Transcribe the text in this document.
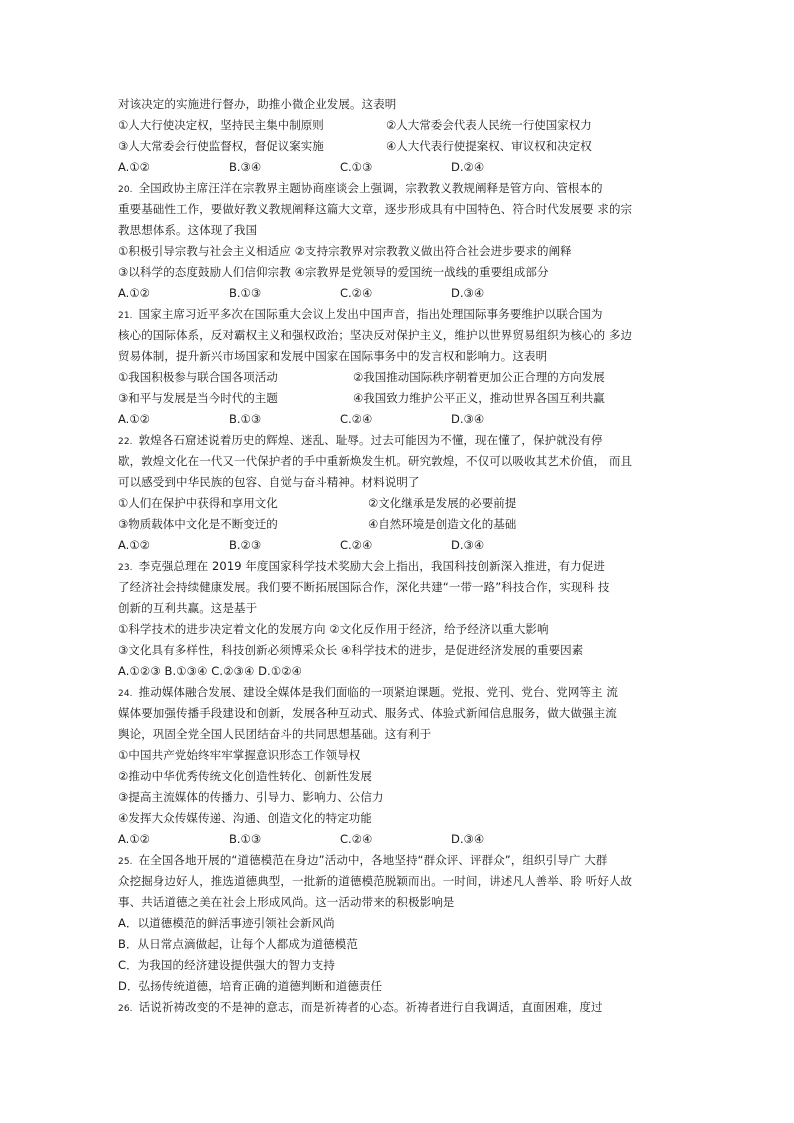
对该决定的实施进行督办，助推小微企业发展。这表明
①人大行使决定权，坚持民主集中制原则	②人大常委会代表人民统一行使国家权力
③人大常委会行使监督权，督促议案实施	④人大代表行使提案权、审议权和决定权
A.①②	B.③④	C.①③	D.②④
20. 全国政协主席汪洋在宗教界主题协商座谈会上强调，宗教教义教规阐释是管方向、管根本的
重要基础性工作，要做好教义教规阐释这篇大文章，逐步形成具有中国特色、符合时代发展要 求的宗
教思想体系。这体现了我国
①积极引导宗教与社会主义相适应 ②支持宗教界对宗教教义做出符合社会进步要求的阐释
③以科学的态度鼓励人们信仰宗教 ④宗教界是党领导的爱国统一战线的重要组成部分
A.①②	B.①③	C.②④	D.③④
21. 国家主席习近平多次在国际重大会议上发出中国声音，指出处理国际事务要维护以联合国为
核心的国际体系，反对霸权主义和强权政治；坚决反对保护主义，维护以世界贸易组织为核心的 多边
贸易体制，提升新兴市场国家和发展中国家在国际事务中的发言权和影响力。这表明
①我国积极参与联合国各项活动	②我国推动国际秩序朝着更加公正合理的方向发展
③和平与发展是当今时代的主题	④我国致力维护公平正义，推动世界各国互利共赢
A.①②	B.①③	C.②④	D.③④
22. 敦煌各石窟述说着历史的辉煌、迷乱、耻辱。过去可能因为不懂，现在懂了，保护就没有停
歇，敦煌文化在一代又一代保护者的手中重新焕发生机。研究敦煌，不仅可以吸收其艺术价值， 而且
可以感受到中华民族的包容、自觉与奋斗精神。材料说明了
①人们在保护中获得和享用文化	②文化继承是发展的必要前提
③物质载体中文化是不断变迁的	④自然环境是创造文化的基础
A.①②	B.②③	C.②④	D.③④
23. 李克强总理在 2019 年度国家科学技术奖励大会上指出，我国科技创新深入推进，有力促进
了经济社会持续健康发展。我们要不断拓展国际合作，深化共建“一带一路”科技合作，实现科 技
创新的互利共赢。这是基于
①科学技术的进步决定着文化的发展方向 ②文化反作用于经济，给予经济以重大影响
③文化具有多样性，科技创新必须博采众长 ④科学技术的进步，是促进经济发展的重要因素
A.①②③ B.①③④ C.②③④ D.①②④
24. 推动媒体融合发展、建设全媒体是我们面临的一项紧迫课题。党报、党刊、党台、党网等主 流
媒体要加强传播手段建设和创新，发展各种互动式、服务式、体验式新闻信息服务，做大做强主流
舆论，巩固全党全国人民团结奋斗的共同思想基础。这有利于
①中国共产党始终牢牢掌握意识形态工作领导权
②推动中华优秀传统文化创造性转化、创新性发展
③提高主流媒体的传播力、引导力、影响力、公信力
④发挥大众传媒传递、沟通、创造文化的特定功能
A.①②	B.①③	C.②④	D.③④
25. 在全国各地开展的“道德模范在身边”活动中，各地坚持“群众评、评群众”，组织引导广 大群
众挖掘身边好人，推选道德典型，一批新的道德模范脱颖而出。一时间，讲述凡人善举、聆 听好人故
事、共话道德之美在社会上形成风尚。这一活动带来的积极影响是
A．以道德模范的鲜活事迹引领社会新风尚
B．从日常点滴做起，让每个人都成为道德模范
C．为我国的经济建设提供强大的智力支持
D．弘扬传统道德，培育正确的道德判断和道德责任
26. 话说祈祷改变的不是神的意志，而是祈祷者的心态。祈祷者进行自我调适，直面困难，度过
